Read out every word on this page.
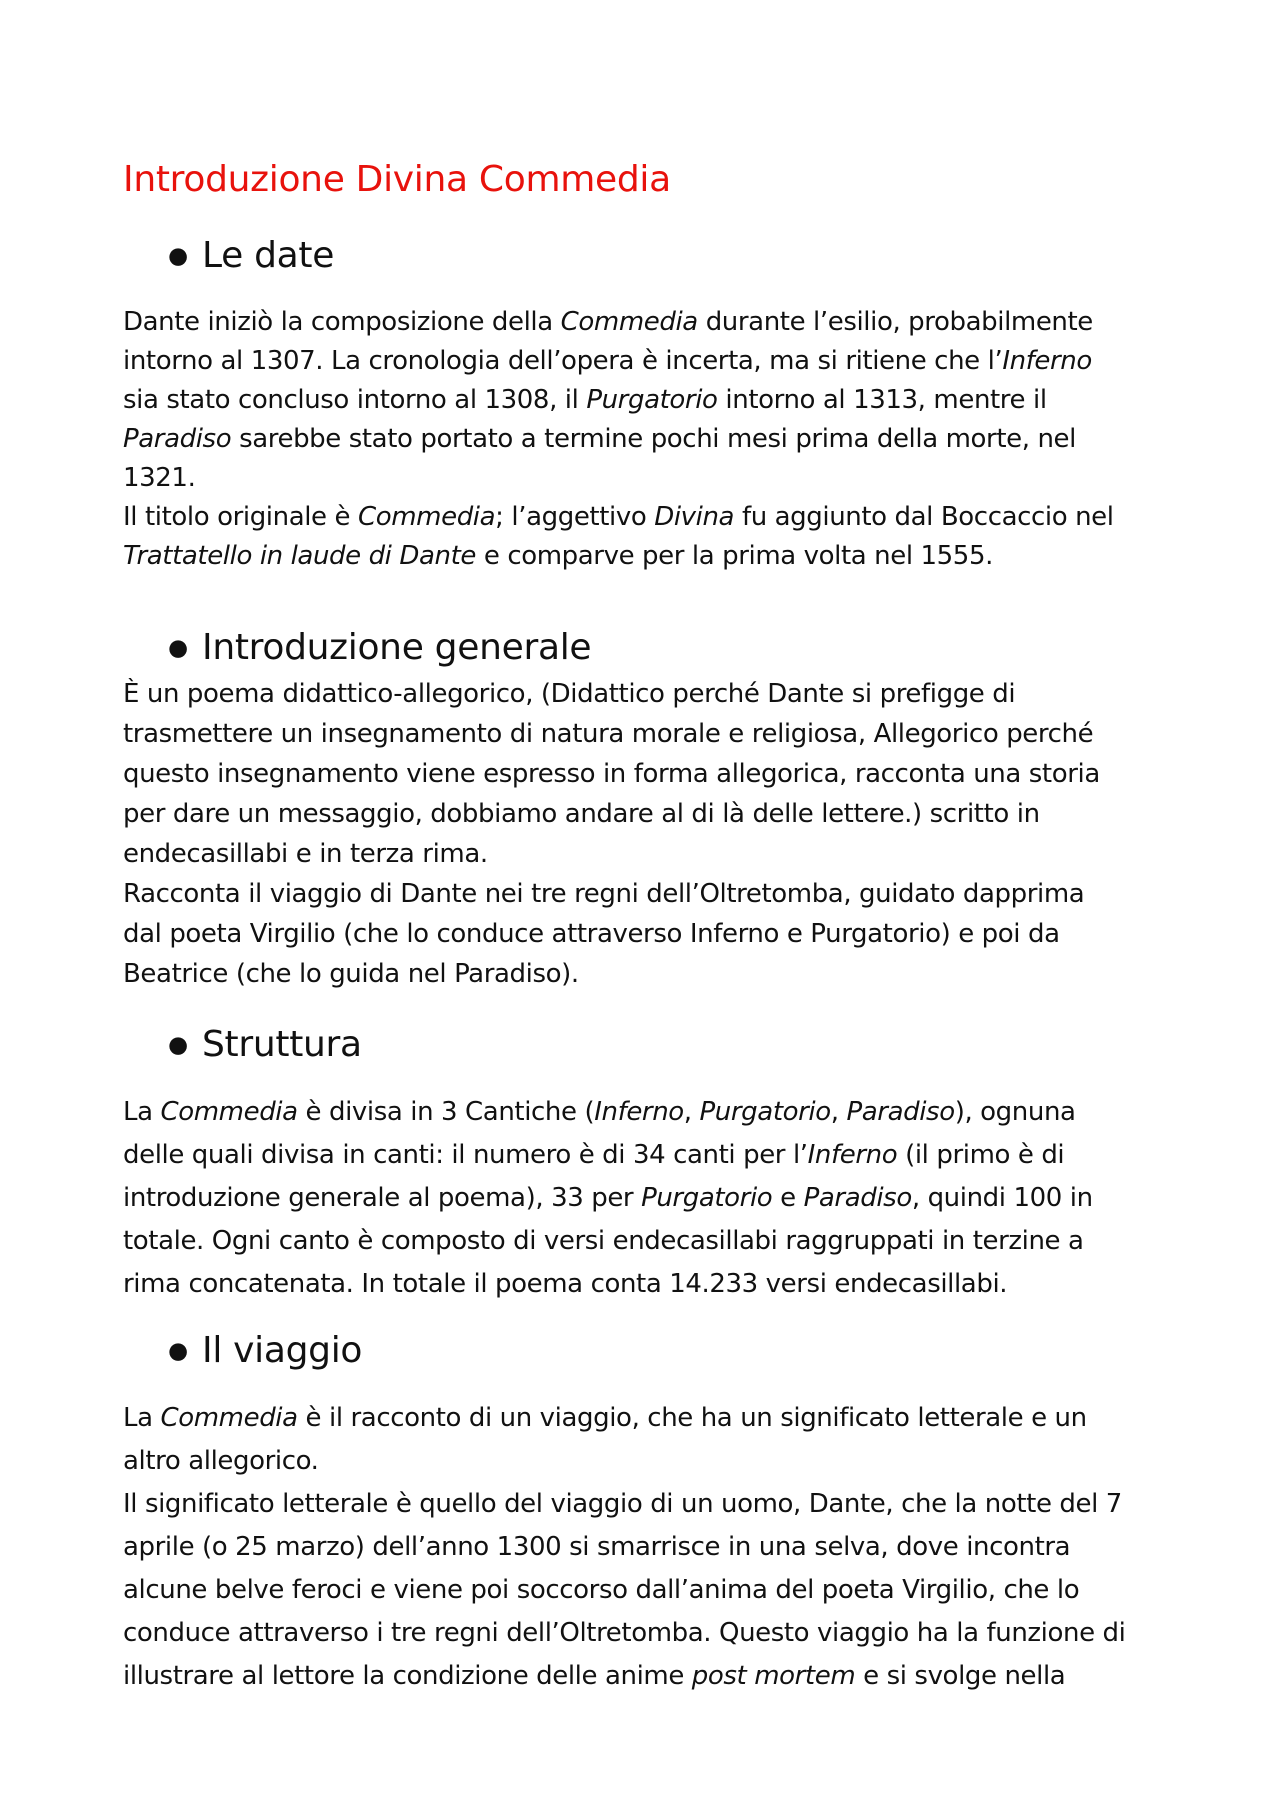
Introduzione Divina Commedia
● Le date
Dante iniziò la composizione della Commedia durante l’esilio, probabilmente
intorno al 1307. La cronologia dell’opera è incerta, ma si ritiene che l’Inferno
sia stato concluso intorno al 1308, il Purgatorio intorno al 1313, mentre il
Paradiso sarebbe stato portato a termine pochi mesi prima della morte, nel
1321.
Il titolo originale è Commedia; l’aggettivo Divina fu aggiunto dal Boccaccio nel
Trattatello in laude di Dante e comparve per la prima volta nel 1555.
● Introduzione generale
È un poema didattico-allegorico, (Didattico perché Dante si prefigge di
trasmettere un insegnamento di natura morale e religiosa, Allegorico perché
questo insegnamento viene espresso in forma allegorica, racconta una storia
per dare un messaggio, dobbiamo andare al di là delle lettere.) scritto in
endecasillabi e in terza rima.
Racconta il viaggio di Dante nei tre regni dell’Oltretomba, guidato dapprima
dal poeta Virgilio (che lo conduce attraverso Inferno e Purgatorio) e poi da
Beatrice (che lo guida nel Paradiso).
● Struttura
La Commedia è divisa in 3 Cantiche (Inferno, Purgatorio, Paradiso), ognuna
delle quali divisa in canti: il numero è di 34 canti per l’Inferno (il primo è di
introduzione generale al poema), 33 per Purgatorio e Paradiso, quindi 100 in
totale. Ogni canto è composto di versi endecasillabi raggruppati in terzine a
rima concatenata. In totale il poema conta 14.233 versi endecasillabi.
● Il viaggio
La Commedia è il racconto di un viaggio, che ha un significato letterale e un
altro allegorico.
Il significato letterale è quello del viaggio di un uomo, Dante, che la notte del 7
aprile (o 25 marzo) dell’anno 1300 si smarrisce in una selva, dove incontra
alcune belve feroci e viene poi soccorso dall’anima del poeta Virgilio, che lo
conduce attraverso i tre regni dell’Oltretomba. Questo viaggio ha la funzione di
illustrare al lettore la condizione delle anime post mortem e si svolge nella
